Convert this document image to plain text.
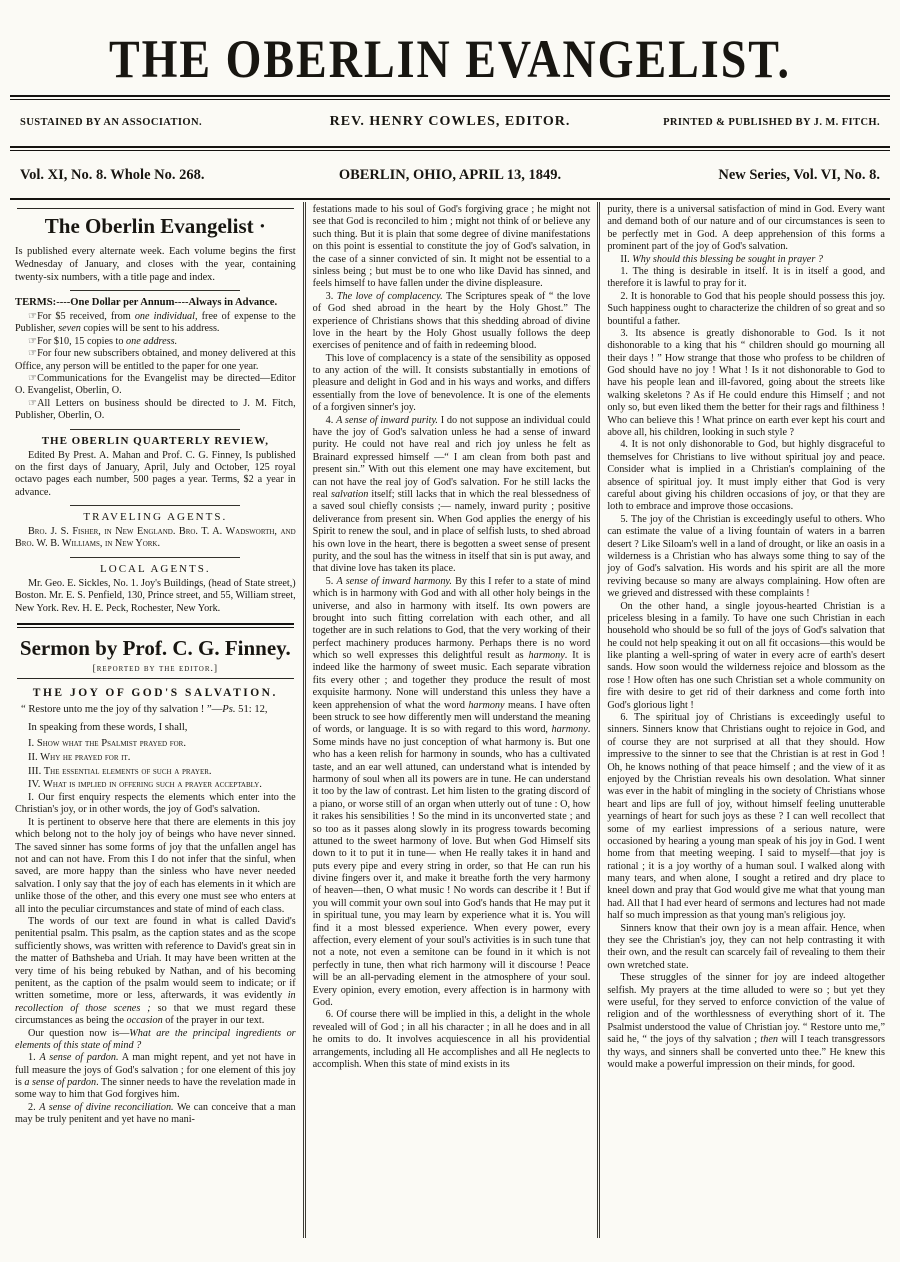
THE OBERLIN EVANGELIST.
SUSTAINED BY AN ASSOCIATION.	REV. HENRY COWLES, EDITOR.	PRINTED & PUBLISHED BY J. M. FITCH.
Vol. XI, No. 8. Whole No. 268.	OBERLIN, OHIO, APRIL 13, 1849.	New Series, Vol. VI, No. 8.
The Oberlin Evangelist ·

Is published every alternate week. Each volume begins the first Wednesday of January, and closes with the year, containing twenty-six numbers, with a title page and index.

TERMS:----One Dollar per Annum----Always in Advance.

☞For $5 received, from one individual, free of expense to the Publisher, seven copies will be sent to his address.

☞For $10, 15 copies to one address.

☞For four new subscribers obtained, and money delivered at this Office, any person will be entitled to the paper for one year.

☞Communications for the Evangelist may be directed—Editor O. Evangelist, Oberlin, O.

☞All Letters on business should be directed to J. M. Fitch, Publisher, Oberlin, O.

THE OBERLIN QUARTERLY REVIEW,

Edited By Prest. A. Mahan and Prof. C. G. Finney, Is published on the first days of January, April, July and October, 125 royal octavo pages each number, 500 pages a year. Terms, $2 a year in advance.

TRAVELING AGENTS.

Bro. J. S. Fisher, in New England. Bro. T. A. Wadsworth, and Bro. W. B. Williams, in New York.

LOCAL AGENTS.

Mr. Geo. E. Sickles, No. 1. Joy's Buildings, (head of State street,) Boston. Mr. E. S. Penfield, 130, Prince street, and 55, William street, New York. Rev. H. E. Peck, Rochester, New York.

Sermon by Prof. C. G. Finney.

[reported by the editor.]

THE JOY OF GOD'S SALVATION.

“ Restore unto me the joy of thy salvation ! ”—Ps. 51: 12,

In speaking from these words, I shall,

I. Show what the Psalmist prayed for.

II. Why he prayed for it.

III. The essential elements of such a prayer.

IV. What is implied in offering such a prayer acceptably.

I. Our first enquiry respects the elements which enter into the Christian's joy, or in other words, the joy of God's salvation.

It is pertinent to observe here that there are elements in this joy which belong not to the holy joy of beings who have never sinned. The saved sinner has some forms of joy that the unfallen angel has not and can not have. From this I do not infer that the sinful, when saved, are more happy than the sinless who have never needed salvation. I only say that the joy of each has elements in it which are unlike those of the other, and this every one must see who enters at all into the peculiar circumstances and state of mind of each class.

The words of our text are found in what is called David's penitential psalm. This psalm, as the caption states and as the scope sufficiently shows, was written with reference to David's great sin in the matter of Bathsheba and Uriah. It may have been written at the very time of his being rebuked by Nathan, and of his becoming penitent, as the caption of the psalm would seem to indicate; or if written sometime, more or less, afterwards, it was evidently in recollection of those scenes ; so that we must regard these circumstances as being the occasion of the prayer in our text.

Our question now is—What are the principal ingredients or elements of this state of mind ?

1. A sense of pardon. A man might repent, and yet not have in full measure the joys of God's salvation ; for one element of this joy is a sense of pardon. The sinner needs to have the revelation made in some way to him that God forgives him.

2. A sense of divine reconciliation. We can conceive that a man may be truly penitent and yet have no mani-

festations made to his soul of God's forgiving grace ; he might not see that God is reconciled to him ; might not think of or believe any such thing. But it is plain that some degree of divine manifestations on this point is essential to constitute the joy of God's salvation, in the case of a sinner convicted of sin. It might not be essential to a sinless being ; but must be to one who like David has sinned, and feels himself to have fallen under the divine displeasure.

3. The love of complacency. The Scriptures speak of “ the love of God shed abroad in the heart by the Holy Ghost.” The experience of Christians shows that this shedding abroad of divine love in the heart by the Holy Ghost usually follows the deep exercises of penitence and of faith in redeeming blood.

This love of complacency is a state of the sensibility as opposed to any action of the will. It consists substantially in emotions of pleasure and delight in God and in his ways and works, and differs essentially from the love of benevolence. It is one of the elements of a forgiven sinner's joy.

4. A sense of inward purity. I do not suppose an individual could have the joy of God's salvation unless he had a sense of inward purity. He could not have real and rich joy unless he felt as Brainard expressed himself —“ I am clean from both past and present sin.” With out this element one may have excitement, but can not have the real joy of God's salvation. For he still lacks the real salvation itself; still lacks that in which the real blessedness of a saved soul chiefly consists ;— namely, inward purity ; positive deliverance from present sin. When God applies the energy of his Spirit to renew the soul, and in place of selfish lusts, to shed abroad his own love in the heart, there is begotten a sweet sense of present purity, and the soul has the witness in itself that sin is put away, and that divine love has taken its place.

5. A sense of inward harmony. By this I refer to a state of mind which is in harmony with God and with all other holy beings in the universe, and also in harmony with itself. Its own powers are brought into such fitting correlation with each other, and all together are in such relations to God, that the very working of their perfect machinery produces harmony. Perhaps there is no word which so well expresses this delightful result as harmony. It is indeed like the harmony of sweet music. Each separate vibration fits every other ; and together they produce the result of most exquisite harmony. None will understand this unless they have a keen apprehension of what the word harmony means. I have often been struck to see how differently men will understand the meaning of words, or language. It is so with regard to this word, harmony. Some minds have no just conception of what harmony is. But one who has a keen relish for harmony in sounds, who has a cultivated taste, and an ear well attuned, can understand what is intended by harmony of soul when all its powers are in tune. He can understand it too by the law of contrast. Let him listen to the grating discord of a piano, or worse still of an organ when utterly out of tune : O, how it rakes his sensibilities ! So the mind in its unconverted state ; and so too as it passes along slowly in its progress towards becoming attuned to the sweet harmony of love. But when God Himself sits down to it to put it in tune— when He really takes it in hand and puts every pipe and every string in order, so that He can run his divine fingers over it, and make it breathe forth the very harmony of heaven—then, O what music ! No words can describe it ! But if you will commit your own soul into God's hands that He may put it in spiritual tune, you may learn by experience what it is. You will find it a most blessed experience. When every power, every affection, every element of your soul's activities is in such tune that not a note, not even a semitone can be found in it which is not perfectly in tune, then what rich harmony will it discourse ! Peace will be an all-pervading element in the atmosphere of your soul. Every opinion, every emotion, every affection is in harmony with God.

6. Of course there will be implied in this, a delight in the whole revealed will of God ; in all his character ; in all he does and in all he omits to do. It involves acquiescence in all his providential arrangements, including all He accomplishes and all He neglects to accomplish. When this state of mind exists in its

purity, there is a universal satisfaction of mind in God. Every want and demand both of our nature and of our circumstances is seen to be perfectly met in God. A deep apprehension of this forms a prominent part of the joy of God's salvation.

II. Why should this blessing be sought in prayer ?

1. The thing is desirable in itself. It is in itself a good, and therefore it is lawful to pray for it.

2. It is honorable to God that his people should possess this joy. Such happiness ought to characterize the children of so great and so bountiful a father.

3. Its absence is greatly dishonorable to God. Is it not dishonorable to a king that his “ children should go mourning all their days ! ” How strange that those who profess to be children of God should have no joy ! What ! Is it not dishonorable to God to have his people lean and ill-favored, going about the streets like walking skeletons ? As if He could endure this Himself ; and not only so, but even liked them the better for their rags and filthiness ! Who can believe this ! What prince on earth ever kept his court and above all, his children, looking in such style ?

4. It is not only dishonorable to God, but highly disgraceful to themselves for Christians to live without spiritual joy and peace. Consider what is implied in a Christian's complaining of the absence of spiritual joy. It must imply either that God is very careful about giving his children occasions of joy, or that they are loth to embrace and improve those occasions.

5. The joy of the Christian is exceedingly useful to others. Who can estimate the value of a living fountain of waters in a barren desert ? Like Siloam's well in a land of drought, or like an oasis in a wilderness is a Christian who has always some thing to say of the joy of God's salvation. His words and his spirit are all the more reviving because so many are always complaining. How often are we grieved and distressed with these complaints !

On the other hand, a single joyous-hearted Christian is a priceless blesing in a family. To have one such Christian in each household who should be so full of the joys of God's salvation that he could not help speaking it out on all fit occasions—this would be like planting a well-spring of water in every acre of earth's desert sands. How soon would the wilderness rejoice and blossom as the rose ! How often has one such Christian set a whole community on fire with desire to get rid of their darkness and come forth into God's glorious light !

6. The spiritual joy of Christians is exceedingly useful to sinners. Sinners know that Christians ought to rejoice in God, and of course they are not surprised at all that they should. How impressive to the sinner to see that the Christian is at rest in God ! Oh, he knows nothing of that peace himself ; and the view of it as enjoyed by the Christian reveals his own desolation. What sinner was ever in the habit of mingling in the society of Christians whose heart and lips are full of joy, without himself feeling unutterable yearnings of heart for such joys as these ? I can well recollect that some of my earliest impressions of a serious nature, were occasioned by hearing a young man speak of his joy in God. I went home from that meeting weeping. I said to myself—that joy is rational ; it is a joy worthy of a human soul. I walked along with many tears, and when alone, I sought a retired and dry place to kneel down and pray that God would give me what that young man had. All that I had ever heard of sermons and lectures had not made half so much impression as that young man's religious joy.

Sinners know that their own joy is a mean affair. Hence, when they see the Christian's joy, they can not help contrasting it with their own, and the result can scarcely fail of revealing to them their own wretched state.

These struggles of the sinner for joy are indeed altogether selfish. My prayers at the time alluded to were so ; but yet they were useful, for they served to enforce conviction of the value of religion and of the worthlessness of everything short of it. The Psalmist understood the value of Christian joy. “ Restore unto me,” said he, “ the joys of thy salvation ; then will I teach transgressors thy ways, and sinners shall be converted unto thee.” He knew this would make a powerful impression on their minds, for good.
